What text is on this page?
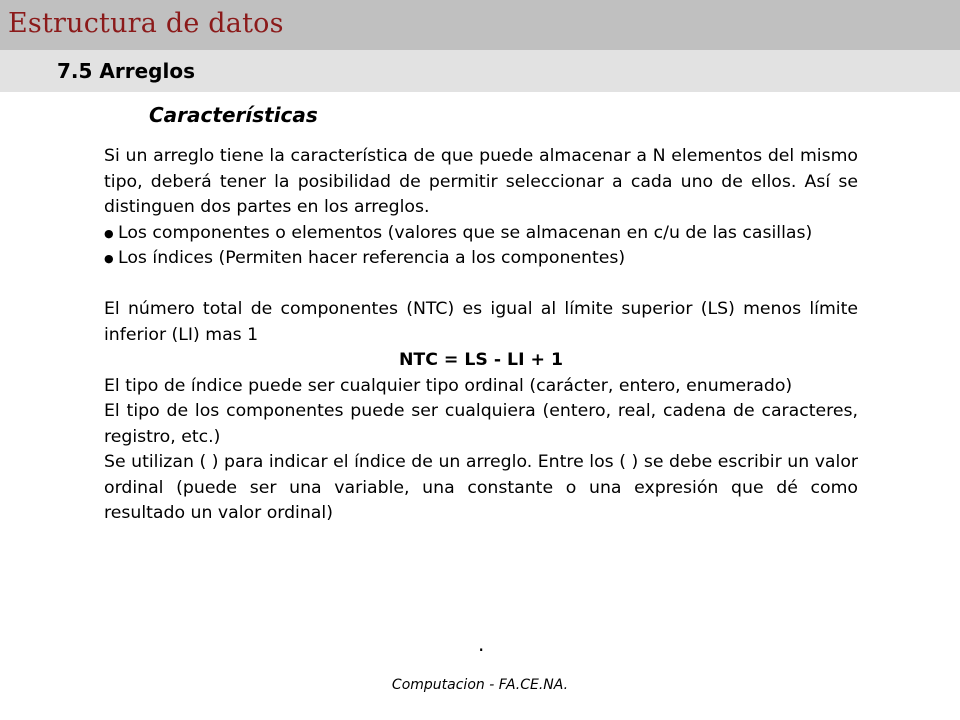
Estructura de datos
7.5 Arreglos
Características

Si un arreglo tiene la característica de que puede almacenar a N elementos del mismo tipo, deberá tener la posibilidad de permitir seleccionar a cada uno de ellos. Así se distinguen dos partes en los arreglos.

● Los componentes o elementos (valores que se almacenan en c/u de las casillas)

● Los índices (Permiten hacer referencia a los componentes)

El número total de componentes (NTC) es igual al límite superior (LS) menos límite inferior (LI) mas 1

NTC = LS - LI + 1

El tipo de índice puede ser cualquier tipo ordinal (carácter, entero, enumerado)

El tipo de los componentes puede ser cualquiera (entero, real, cadena de caracteres, registro, etc.)

Se utilizan ( ) para indicar el índice de un arreglo. Entre los ( ) se debe escribir un valor ordinal (puede ser una variable, una constante o una expresión que dé como resultado un valor ordinal)

.
Computacion - FA.CE.NA.
